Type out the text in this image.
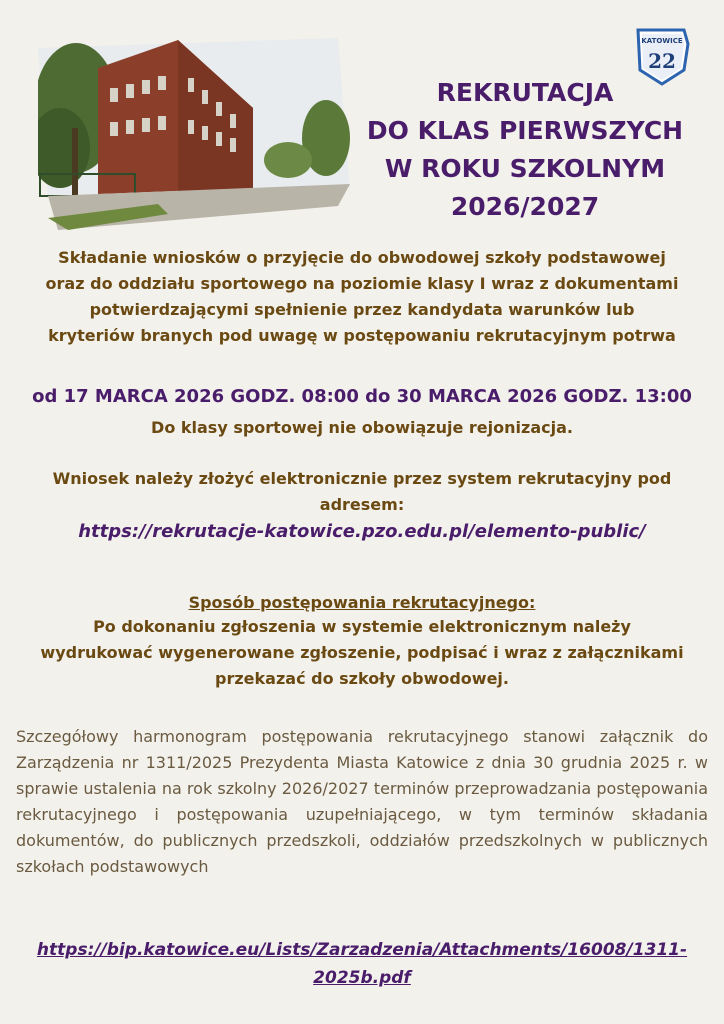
KATOWICE
22
REKRUTACJA
DO KLAS PIERWSZYCH
W ROKU SZKOLNYM
2026/2027
Składanie wniosków o przyjęcie do obwodowej szkoły podstawowej
oraz do oddziału sportowego na poziomie klasy I wraz z dokumentami
potwierdzającymi spełnienie przez kandydata warunków lub
kryteriów branych pod uwagę w postępowaniu rekrutacyjnym potrwa
od 17 MARCA 2026 GODZ. 08:00 do 30 MARCA 2026 GODZ. 13:00
Do klasy sportowej nie obowiązuje rejonizacja.
Wniosek należy złożyć elektronicznie przez system rekrutacyjny pod
adresem:
https://rekrutacje-katowice.pzo.edu.pl/elemento-public/
Sposób postępowania rekrutacyjnego:
Po dokonaniu zgłoszenia w systemie elektronicznym należy
wydrukować wygenerowane zgłoszenie, podpisać i wraz z załącznikami
przekazać do szkoły obwodowej.
Szczegółowy harmonogram postępowania rekrutacyjnego stanowi załącznik do Zarządzenia nr 1311/2025 Prezydenta Miasta Katowice z dnia 30 grudnia 2025 r. w sprawie ustalenia na rok szkolny 2026/2027 terminów przeprowadzania postępowania rekrutacyjnego i postępowania uzupełniającego, w tym terminów składania dokumentów, do publicznych przedszkoli, oddziałów przedszkolnych w publicznych szkołach podstawowych
https://bip.katowice.eu/Lists/Zarzadzenia/Attachments/16008/1311-
2025b.pdf
